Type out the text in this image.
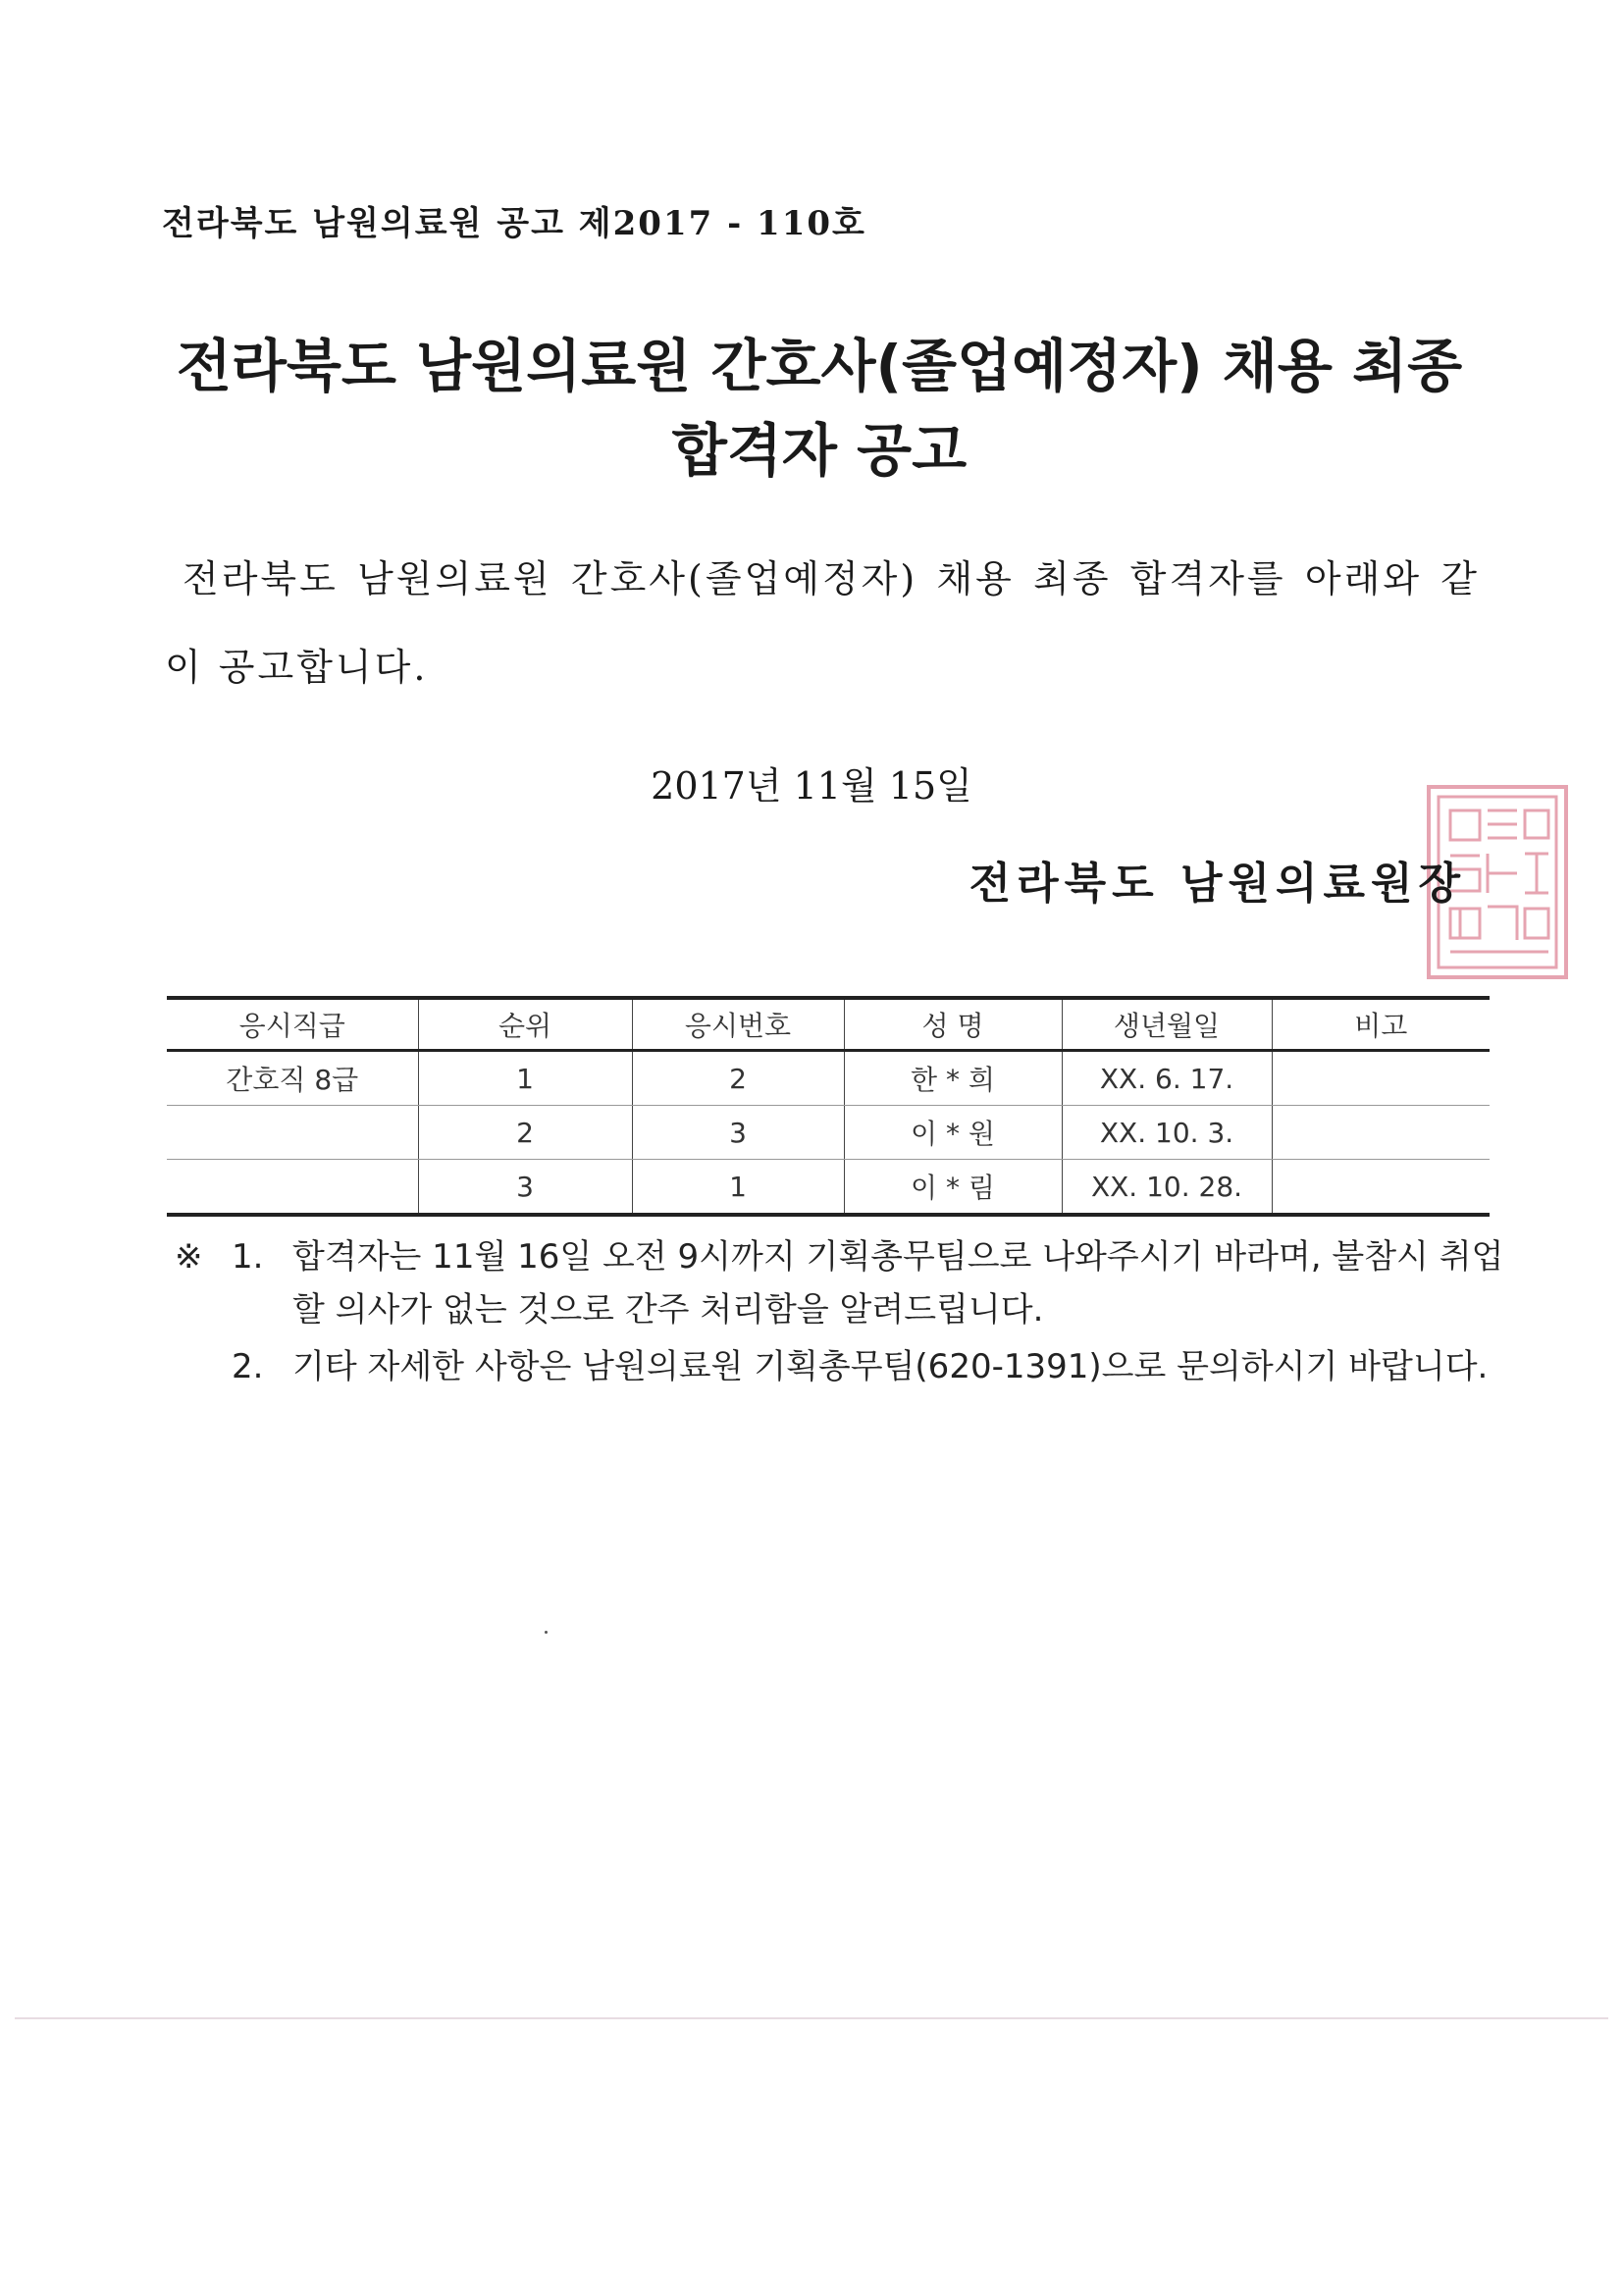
전라북도 남원의료원 공고 제2017 - 110호
전라북도 남원의료원 간호사(졸업예정자) 채용 최종
합격자 공고
전라북도 남원의료원 간호사(졸업예정자) 채용 최종 합격자를 아래와 같이 공고합니다.
2017년 11월 15일
전라북도 남원의료원장
응시직급	순위	응시번호	성 명	생년월일	비고
간호직 8급	1	2	한 * 희	XX. 6. 17.	
	2	3	이 * 원	XX. 10. 3.	
	3	1	이 * 림	XX. 10. 28.	
※ 1. 합격자는 11월 16일 오전 9시까지 기획총무팀으로 나와주시기 바라며, 불참시 취업할 의사가 없는 것으로 간주 처리함을 알려드립니다.
2. 기타 자세한 사항은 남원의료원 기획총무팀(620-1391)으로 문의하시기 바랍니다.
